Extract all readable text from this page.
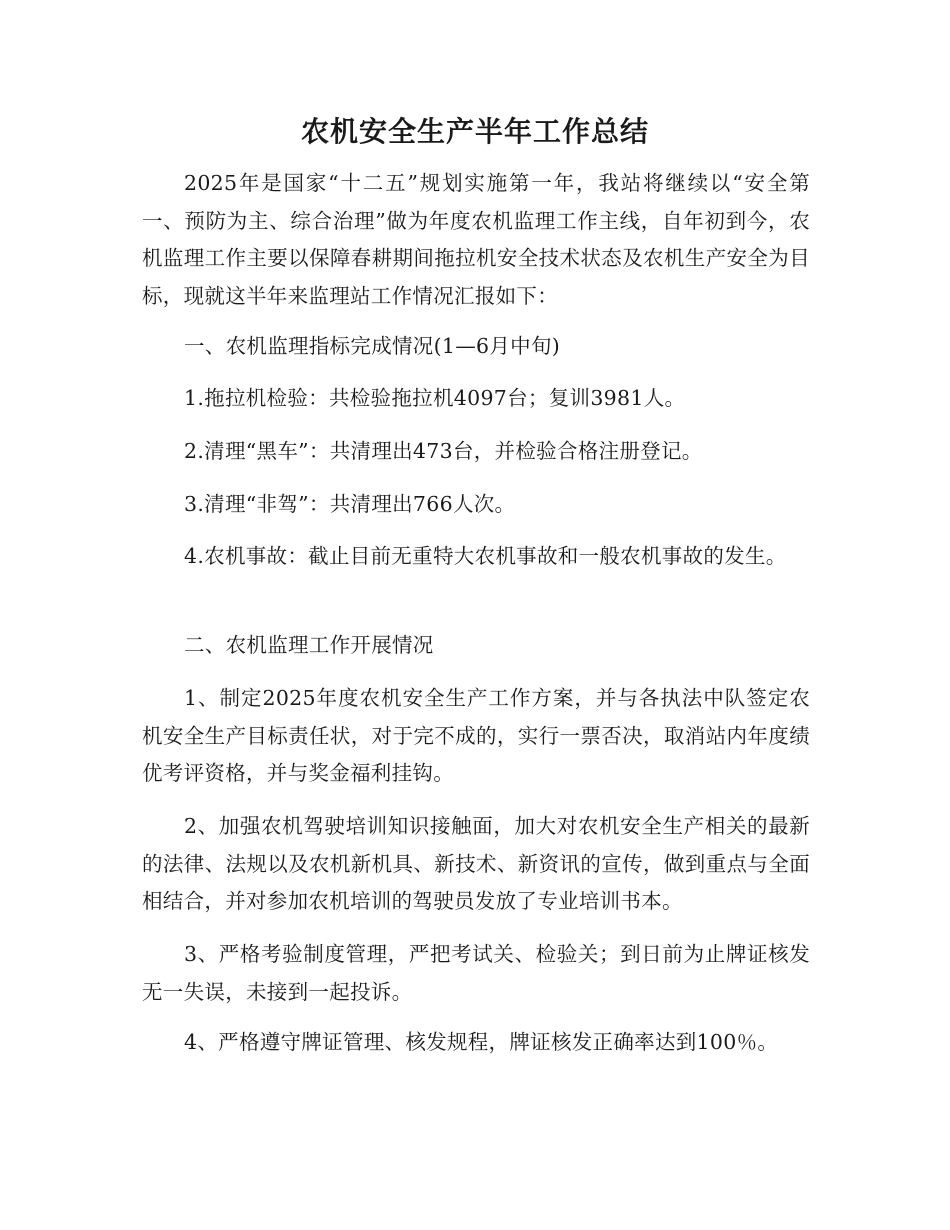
农机安全生产半年工作总结

2025年是国家“十二五”规划实施第一年，我站将继续以“安全第一、预防为主、综合治理”做为年度农机监理工作主线，自年初到今，农机监理工作主要以保障春耕期间拖拉机安全技术状态及农机生产安全为目标，现就这半年来监理站工作情况汇报如下：

一、农机监理指标完成情况(1—6月中旬)

1.拖拉机检验：共检验拖拉机4097台；复训3981人。

2.清理“黑车”：共清理出473台，并检验合格注册登记。

3.清理“非驾”：共清理出766人次。

4.农机事故：截止目前无重特大农机事故和一般农机事故的发生。

二、农机监理工作开展情况

1、制定2025年度农机安全生产工作方案，并与各执法中队签定农机安全生产目标责任状，对于完不成的，实行一票否决，取消站内年度绩优考评资格，并与奖金福利挂钩。

2、加强农机驾驶培训知识接触面，加大对农机安全生产相关的最新的法律、法规以及农机新机具、新技术、新资讯的宣传，做到重点与全面相结合，并对参加农机培训的驾驶员发放了专业培训书本。

3、严格考验制度管理，严把考试关、检验关；到日前为止牌证核发无一失误，未接到一起投诉。

4、严格遵守牌证管理、核发规程，牌证核发正确率达到100％。
